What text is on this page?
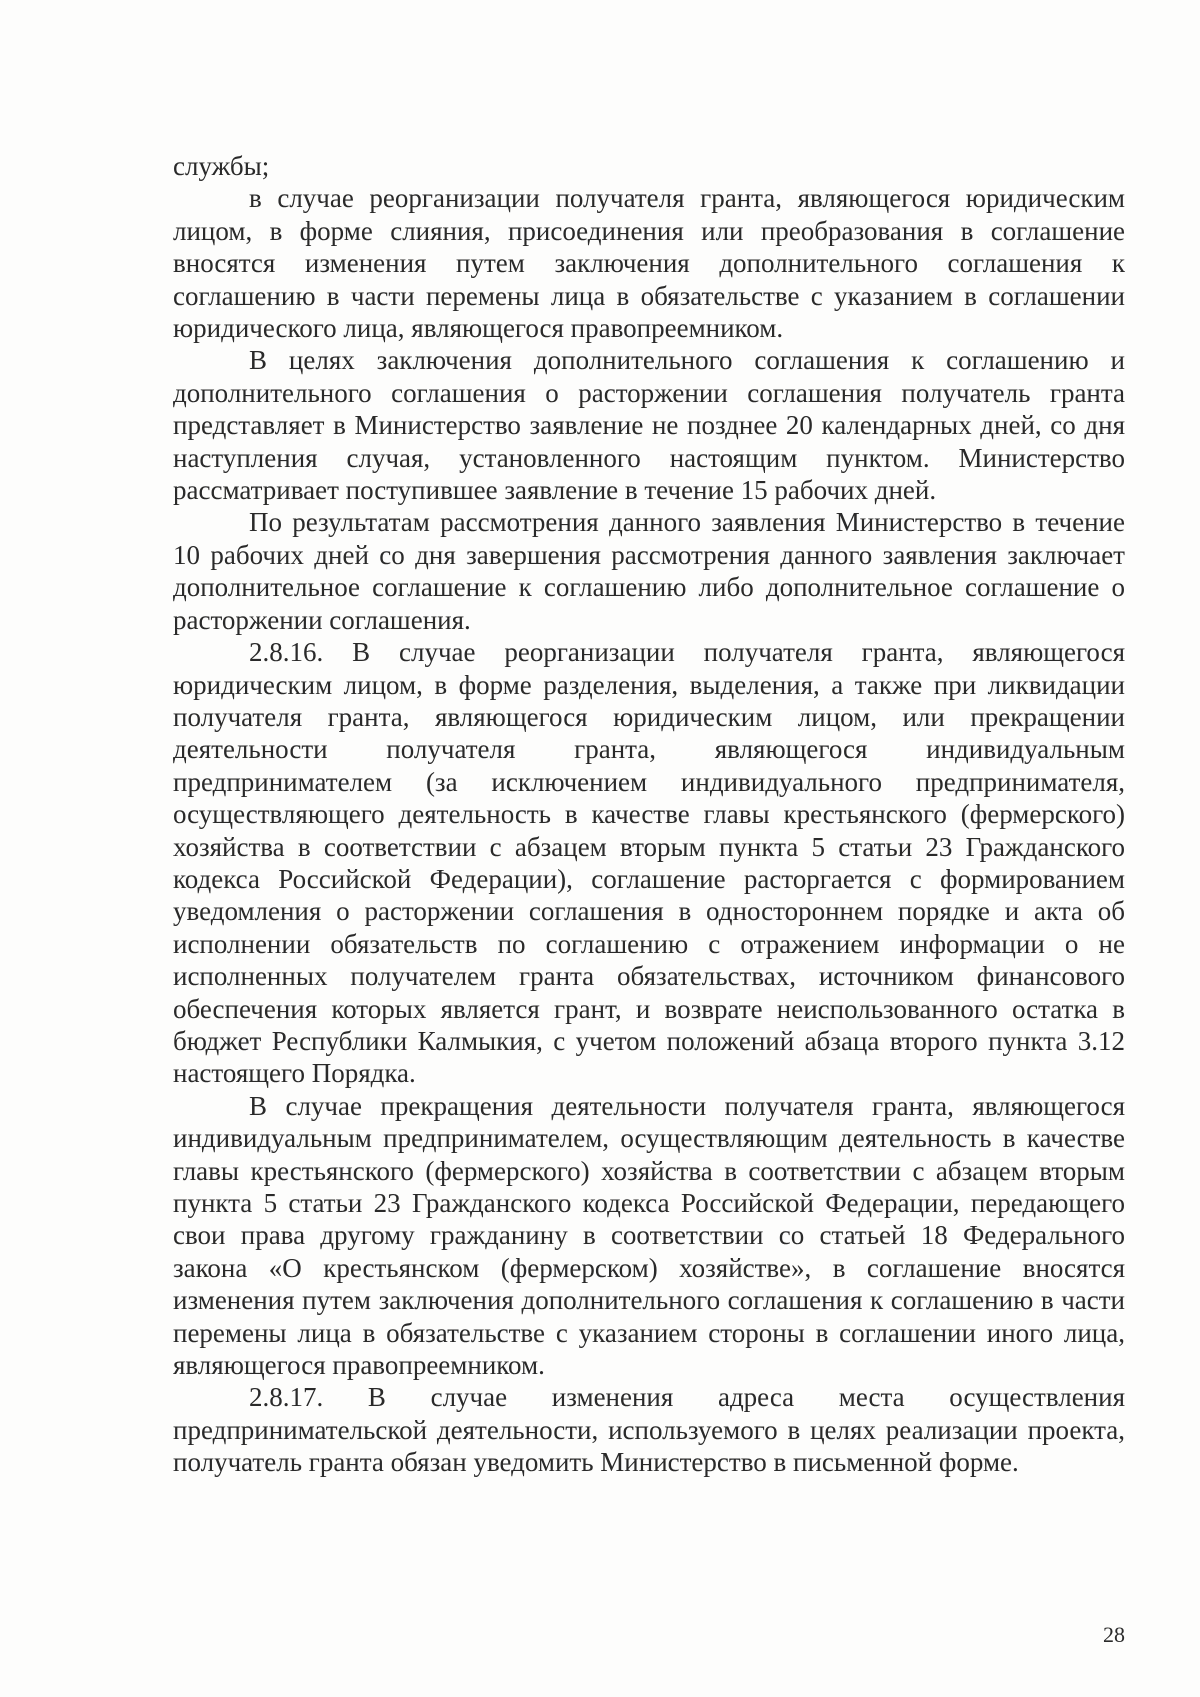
службы;

в случае реорганизации получателя гранта, являющегося юридическим лицом, в форме слияния, присоединения или преобразования в соглашение вносятся изменения путем заключения дополнительного соглашения к соглашению в части перемены лица в обязательстве с указанием в соглашении юридического лица, являющегося правопреемником.

В целях заключения дополнительного соглашения к соглашению и дополнительного соглашения о расторжении соглашения получатель гранта представляет в Министерство заявление не позднее 20 календарных дней, со дня наступления случая, установленного настоящим пунктом. Министерство рассматривает поступившее заявление в течение 15 рабочих дней.

По результатам рассмотрения данного заявления Министерство в течение 10 рабочих дней со дня завершения рассмотрения данного заявления заключает дополнительное соглашение к соглашению либо дополнительное соглашение о расторжении соглашения.

2.8.16. В случае реорганизации получателя гранта, являющегося юридическим лицом, в форме разделения, выделения, а также при ликвидации получателя гранта, являющегося юридическим лицом, или прекращении деятельности получателя гранта, являющегося индивидуальным предпринимателем (за исключением индивидуального предпринимателя, осуществляющего деятельность в качестве главы крестьянского (фермерского) хозяйства в соответствии с абзацем вторым пункта 5 статьи 23 Гражданского кодекса Российской Федерации), соглашение расторгается с формированием уведомления о расторжении соглашения в одностороннем порядке и акта об исполнении обязательств по соглашению с отражением информации о не исполненных получателем гранта обязательствах, источником финансового обеспечения которых является грант, и возврате неиспользованного остатка в бюджет Республики Калмыкия, с учетом положений абзаца второго пункта 3.12 настоящего Порядка.

В случае прекращения деятельности получателя гранта, являющегося индивидуальным предпринимателем, осуществляющим деятельность в качестве главы крестьянского (фермерского) хозяйства в соответствии с абзацем вторым пункта 5 статьи 23 Гражданского кодекса Российской Федерации, передающего свои права другому гражданину в соответствии со статьей 18 Федерального закона «О крестьянском (фермерском) хозяйстве», в соглашение вносятся изменения путем заключения дополнительного соглашения к соглашению в части перемены лица в обязательстве с указанием стороны в соглашении иного лица, являющегося правопреемником.

2.8.17. В случае изменения адреса места осуществления предпринимательской деятельности, используемого в целях реализации проекта, получатель гранта обязан уведомить Министерство в письменной форме.

28
